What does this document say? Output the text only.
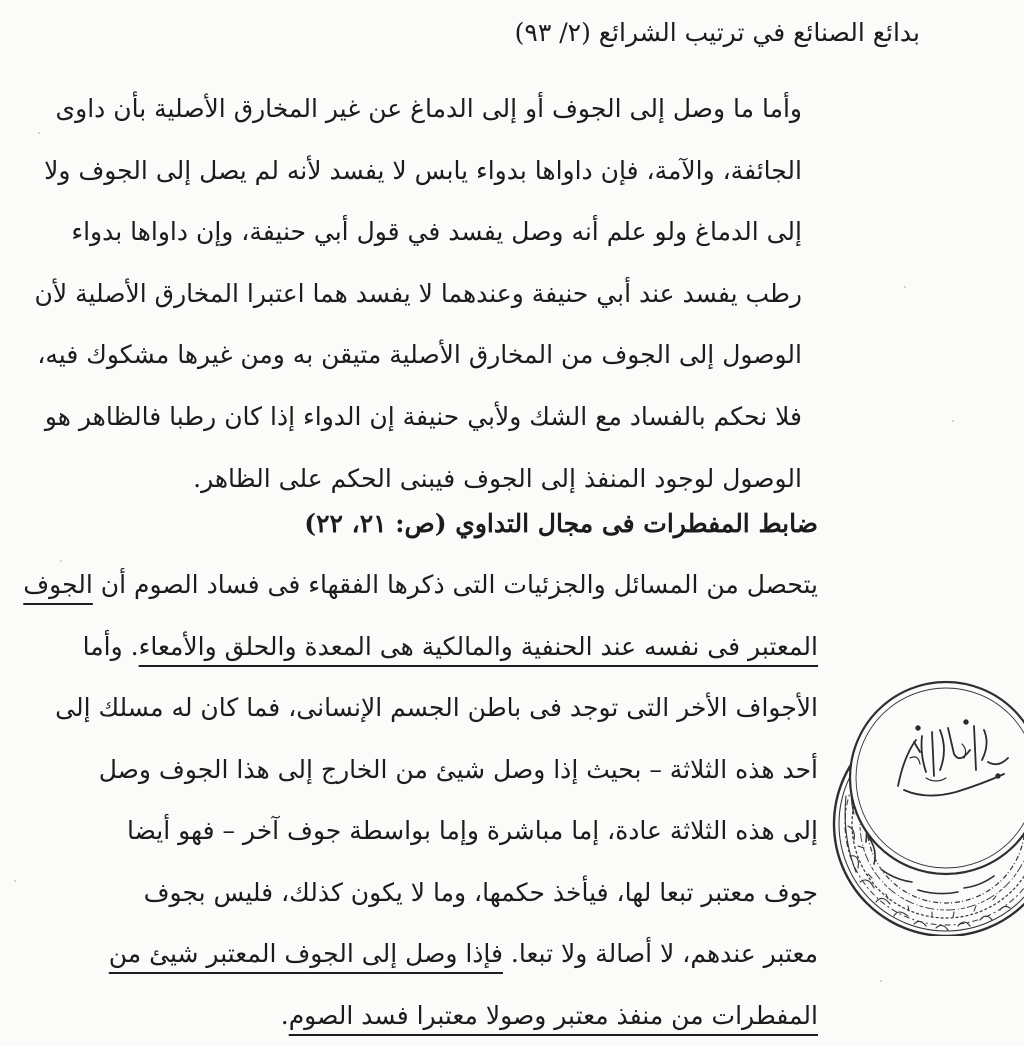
بدائع الصنائع في ترتيب الشرائع (٢/ ٩٣)
وأما ما وصل إلى الجوف أو إلى الدماغ عن غير المخارق الأصلية بأن داوى
الجائفة، والآمة، فإن داواها بدواء يابس لا يفسد لأنه لم يصل إلى الجوف ولا
إلى الدماغ ولو علم أنه وصل يفسد في قول أبي حنيفة، وإن داواها بدواء
رطب يفسد عند أبي حنيفة وعندهما لا يفسد هما اعتبرا المخارق الأصلية لأن
الوصول إلى الجوف من المخارق الأصلية متيقن به ومن غيرها مشكوك فيه،
فلا نحكم بالفساد مع الشك ولأبي حنيفة إن الدواء إذا كان رطبا فالظاهر هو
الوصول لوجود المنفذ إلى الجوف فيبنى الحكم على الظاهر.
ضابط المفطرات فى مجال التداوي (ص: ٢١، ٢٢)
يتحصل من المسائل والجزئيات التى ذكرها الفقهاء فى فساد الصوم أن الجوف
المعتبر فى نفسه عند الحنفية والمالكية هى المعدة والحلق والأمعاء. وأما
الأجواف الأخر التى توجد فى باطن الجسم الإنسانى، فما كان له مسلك إلى
أحد هذه الثلاثة – بحيث إذا وصل شيئ من الخارج إلى هذا الجوف وصل
إلى هذه الثلاثة عادة، إما مباشرة وإما بواسطة جوف آخر – فهو أيضا
جوف معتبر تبعا لها، فيأخذ حكمها، وما لا يكون كذلك، فليس بجوف
معتبر عندهم، لا أصالة ولا تبعا. فإذا وصل إلى الجوف المعتبر شيئ من
المفطرات من منفذ معتبر وصولا معتبرا فسد الصوم.
